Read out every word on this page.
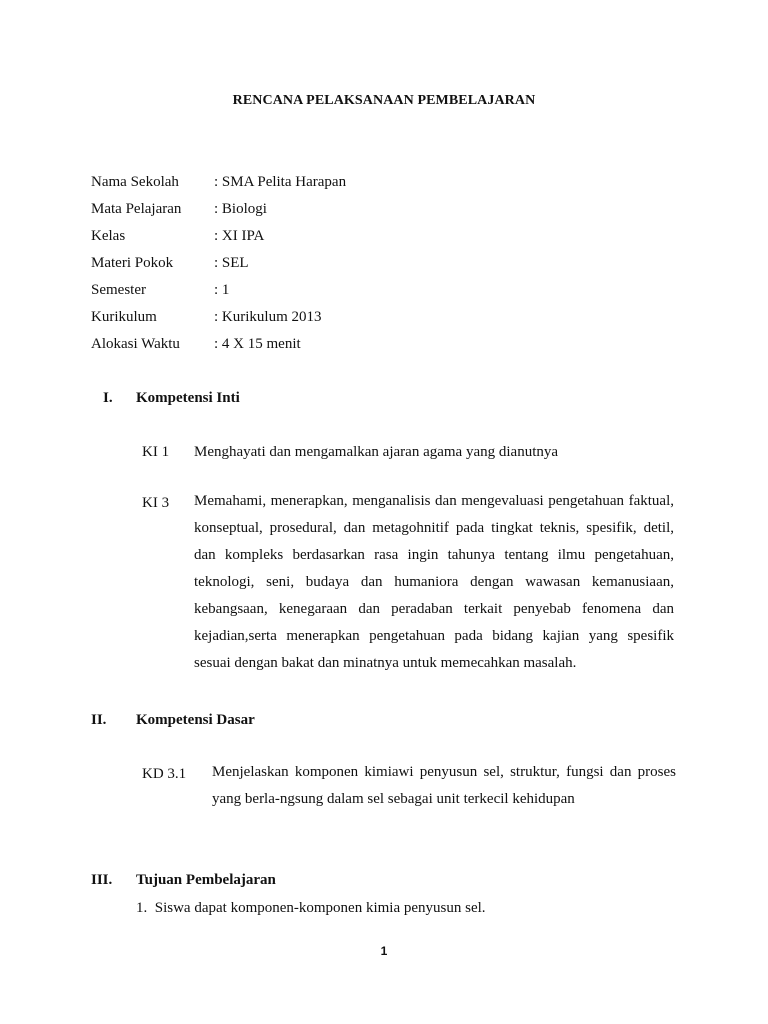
RENCANA PELAKSANAAN PEMBELAJARAN
Nama Sekolah : SMA Pelita Harapan
Mata Pelajaran : Biologi
Kelas	: XI IPA
Materi Pokok	: SEL
Semester	: 1
Kurikulum	: Kurikulum 2013
Alokasi Waktu : 4 X 15 menit
I. Kompetensi Inti
KI 1 Menghayati dan mengamalkan ajaran agama yang dianutnya
KI 3 Memahami, menerapkan, menganalisis dan mengevaluasi pengetahuan faktual,
konseptual, prosedural, dan metagohnitif pada tingkat teknis, spesifik, detil,
dan kompleks berdasarkan rasa ingin tahunya tentang ilmu pengetahuan,
teknologi, seni, budaya dan humaniora dengan wawasan kemanusiaan,
kebangsaan, kenegaraan dan peradaban terkait penyebab fenomena dan
kejadian,serta menerapkan pengetahuan pada bidang kajian yang spesifik
sesuai dengan bakat dan minatnya untuk memecahkan masalah.
II. Kompetensi Dasar
KD 3.1 Menjelaskan komponen kimiawi penyusun sel, struktur, fungsi dan proses
yang berla-ngsung dalam sel sebagai unit terkecil kehidupan
III. Tujuan Pembelajaran
1.  Siswa dapat komponen-komponen kimia penyusun sel.
1
